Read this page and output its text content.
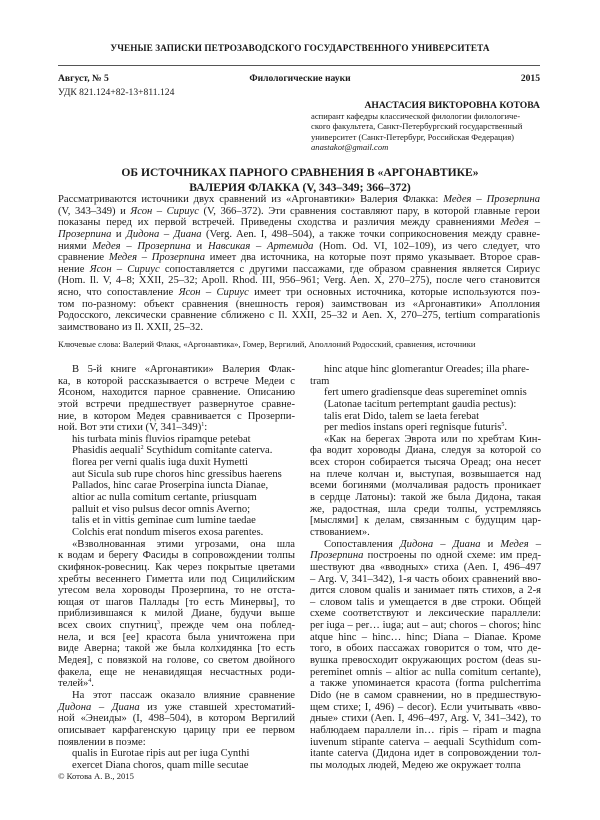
УЧЕНЫЕ ЗАПИСКИ ПЕТРОЗАВОДСКОГО ГОСУДАРСТВЕННОГО УНИВЕРСИТЕТА
Август, № 5	Филологические науки	2015
УДК 821.124+82-13+811.124
АНАСТАСИЯ ВИКТОРОВНА КОТОВА
аспирант кафедры классической филологии филологиче-
ского факультета, Санкт-Петербургский государственный
университет (Санкт-Петербург, Российская Федерация)
anastakot@gmail.com
ОБ ИСТОЧНИКАХ ПАРНОГО СРАВНЕНИЯ В «АРГОНАВТИКЕ»
ВАЛЕРИЯ ФЛАККА (V, 343–349; 366–372)
Рассматриваются источники двух сравнений из «Аргонавтики» Валерия Флакка: Медея – Прозерпина
(V, 343–349) и Ясон – Сириус (V, 366–372). Эти сравнения составляют пару, в которой главные герои
показаны перед их первой встречей. Приведены сходства и различия между сравнениями Медея –
Прозерпина и Дидона – Диана (Verg. Aen. I, 498–504), а также точки соприкосновения между сравне-
ниями Медея – Прозерпина и Навсикая – Артемида (Hom. Od. VI, 102–109), из чего следует, что
сравнение Медея – Прозерпина имеет два источника, на которые поэт прямо указывает. Второе срав-
нение Ясон – Сириус сопоставляется с другими пассажами, где образом сравнения является Сириус
(Hom. Il. V, 4–8; XXII, 25–32; Apoll. Rhod. III, 956–961; Verg. Aen. X, 270–275), после чего становится
ясно, что сопоставление Ясон – Сириус имеет три основных источника, которые используются поэ-
том по-разному: объект сравнения (внешность героя) заимствован из «Аргонавтики» Аполлония
Родосского, лексически сравнение сближено с Il. XXII, 25–32 и Aen. X, 270–275, tertium comparationis
заимствовано из Il. XXII, 25–32.
Ключевые слова: Валерий Флакк, «Аргонавтика», Гомер, Вергилий, Аполлоний Родосский, сравнения, источники
В 5-й книге «Аргонавтики» Валерия Флак-
ка, в которой рассказывается о встрече Медеи с
Ясоном, находится парное сравнение. Описанию
этой встречи предшествует развернутое сравне-
ние, в котором Медея сравнивается с Прозерпи-
ной. Вот эти стихи (V, 341–349)$^1$:
his turbata minis fluvios ripamque petebat
Phasidis aequali$^2$ Scythidum comitante caterva.
florea per verni qualis iuga duxit Hymetti
aut Sicula sub rupe choros hinc gressibus haerens
Pallados, hinc carae Proserpina iuncta Dianae,
altior ac nulla comitum certante, priusquam
palluit et viso pulsus decor omnis Averno;
talis et in vittis geminae cum lumine taedae
Colchis erat nondum miseros exosa parentes.
«Взволнованная этими угрозами, она шла
к водам и берегу Фасиды в сопровождении толпы
скифянок-ровесниц. Как через покрытые цветами
хребты весеннего Гиметта или под Сицилийским
утесом вела хороводы Прозерпина, то не отста-
ющая от шагов Паллады [то есть Минервы], то
приблизившаяся к милой Диане, будучи выше
всех своих спутниц$^3$, прежде чем она поблед-
нела, и вся [ее] красота была уничтожена при
виде Аверна; такой же была колхидянка [то есть
Медея], с повязкой на голове, со светом двойного
факела, еще не ненавидящая несчастных роди-
телей»$^4$.
На этот пассаж оказало влияние сравнение
Дидона – Диана из уже ставшей хрестоматий-
ной «Энеиды» (I, 498–504), в котором Вергилий
описывает карфагенскую царицу при ее первом
появлении в поэме:
qualis in Eurotae ripis aut per iuga Cynthi
exercet Diana choros, quam mille secutae
hinc atque hinc glomerantur Oreades; illa phare-
tram
fert umero gradiensque deas supereminet omnis
(Latonae tacitum pertemptant gaudia pectus):
talis erat Dido, talem se laeta ferebat
per medios instans operi regnisque futuris$^5$.
«Как на берегах Эврота или по хребтам Кин-
фа водит хороводы Диана, следуя за которой со
всех сторон собирается тысяча Ореад; она несет
на плече колчан и, выступая, возвышается над
всеми богинями (молчаливая радость проникает
в сердце Латоны): такой же была Дидона, такая
же, радостная, шла среди толпы, устремляясь
[мыслями] к делам, связанным с будущим цар-
ствованием».
Сопоставления Дидона – Диана и Медея –
Прозерпина построены по одной схеме: им пред-
шествуют два «вводных» стиха (Aen. I, 496–497
– Arg. V, 341–342), 1-я часть обоих сравнений вво-
дится словом qualis и занимает пять стихов, а 2-я
– словом talis и умещается в две строки. Общей
схеме соответствуют и лексические параллели:
per iuga – per… iuga; aut – aut; choros – choros; hinc
atque hinc – hinc… hinc; Diana – Dianae. Кроме
того, в обоих пассажах говорится о том, что де-
вушка превосходит окружающих ростом (deas su-
pereminet omnis – altior ac nulla comitum certante),
а также упоминается красота (forma pulcherrima
Dido (не в самом сравнении, но в предшествую-
щем стихе; I, 496) – decor). Если учитывать «вво-
дные» стихи (Aen. I, 496–497, Arg. V, 341–342), то
наблюдаем параллели in… ripis – ripam и magna
iuvenum stipante caterva – aequali Scythidum com-
itante caterva (Дидона идет в сопровождении тол-
пы молодых людей, Медею же окружает толпа
© Котова А. В., 2015
